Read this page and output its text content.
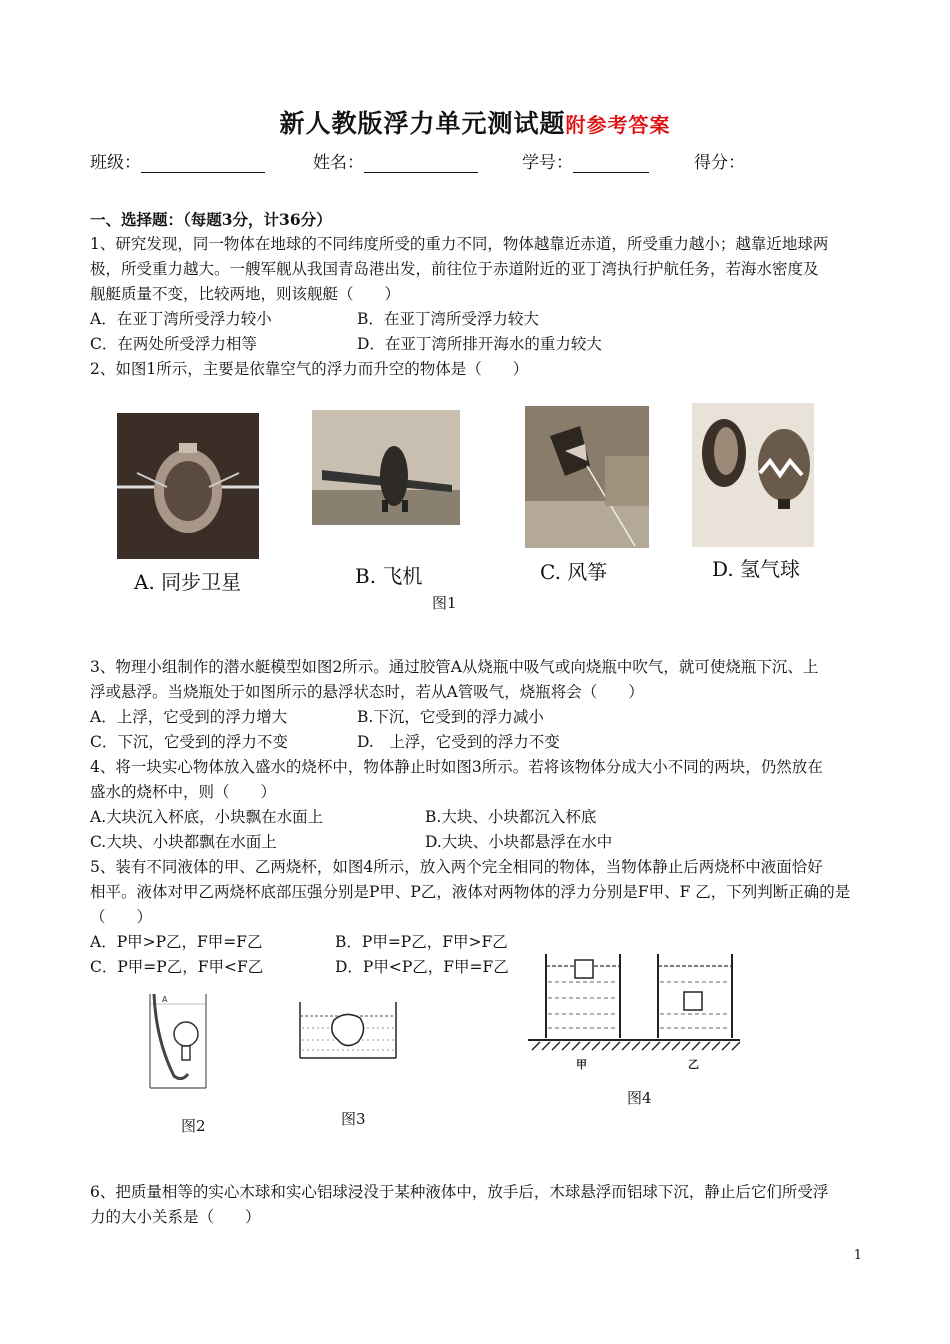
新人教版浮力单元测试题附参考答案
班级：	姓名：	学号：	得分：
一、选择题：（每题3分，计36分）
1、研究发现，同一物体在地球的不同纬度所受的重力不同，物体越靠近赤道，所受重力越小；越靠近地球两
极，所受重力越大。一艘军舰从我国青岛港出发，前往位于赤道附近的亚丁湾执行护航任务，若海水密度及
舰艇质量不变，比较两地，则该舰艇（　　）
A．在亚丁湾所受浮力较小	B．在亚丁湾所受浮力较大
C．在两处所受浮力相等	D．在亚丁湾所排开海水的重力较大
2、如图1所示，主要是依靠空气的浮力而升空的物体是（　　）
A. 同步卫星	B. 飞机	C. 风筝	D. 氢气球
图1
3、物理小组制作的潜水艇模型如图2所示。通过胶管A从烧瓶中吸气或向烧瓶中吹气，就可使烧瓶下沉、上
浮或悬浮。当烧瓶处于如图所示的悬浮状态时，若从A管吸气，烧瓶将会（　　）
A．上浮，它受到的浮力增大	B.下沉，它受到的浮力减小
C．下沉，它受到的浮力不变	D.　上浮，它受到的浮力不变
4、将一块实心物体放入盛水的烧杯中，物体静止时如图3所示。若将该物体分成大小不同的两块，仍然放在
盛水的烧杯中，则（　　）
A.大块沉入杯底，小块飘在水面上	B.大块、小块都沉入杯底
C.大块、小块都飘在水面上	D.大块、小块都悬浮在水中
5、装有不同液体的甲、乙两烧杯，如图4所示，放入两个完全相同的物体，当物体静止后两烧杯中液面恰好
相平。液体对甲乙两烧杯底部压强分别是P甲、P乙，液体对两物体的浮力分别是F甲、F 乙，下列判断正确的是
（　　）
A．P甲>P乙，F甲=F乙	B．P甲=P乙，F甲>F乙
C．P甲=P乙，F甲<F乙	D．P甲<P乙，F甲=F乙
A
图2	图3
甲	乙
图4
6、把质量相等的实心木球和实心铝球浸没于某种液体中，放手后，木球悬浮而铝球下沉，静止后它们所受浮
力的大小关系是（　　）
1
